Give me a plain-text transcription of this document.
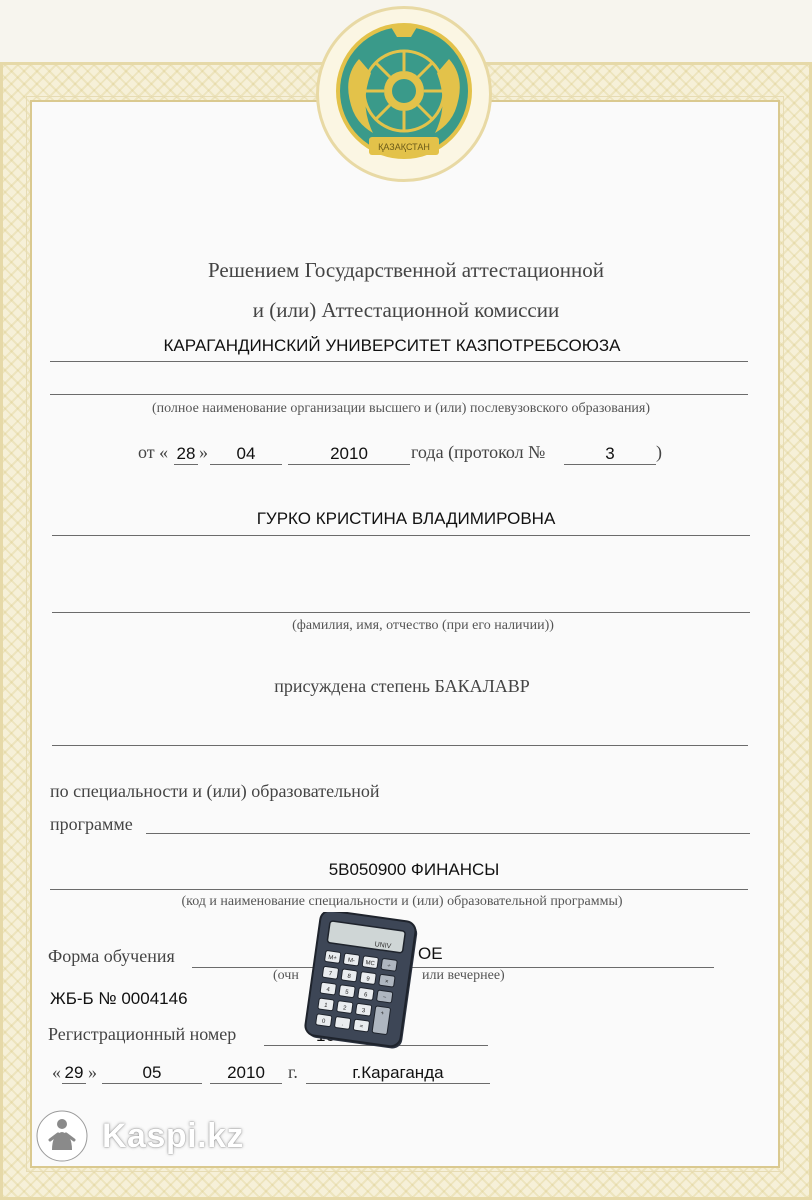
ҚАЗАҚСТАН
Решением Государственной аттестационной
и (или) Аттестационной комиссии
КАРАГАНДИНСКИЙ УНИВЕРСИТЕТ КАЗПОТРЕБСОЮЗА
(полное наименование организации высшего и (или) послевузовского образования)
от « 28 »	04	2010	года (протокол №	3	)
ГУРКО КРИСТИНА ВЛАДИМИРОВНА
(фамилия, имя, отчество (при его наличии))
присуждена степень БАКАЛАВР
по специальности и (или) образовательной
программе
5В050900 ФИНАНСЫ
(код и наименование специальности и (или) образовательной программы)
Форма обучения	ОЕ
(очн	или вечернее)
ЖБ-Б № 0004146
Регистрационный номер
« 29 »	05	2010	г.	г.Караганда
UNIV
M+ M- MC ÷
7 8 9 ×
4 5 6 −
1 2 3 +
0	.	=
Kaspi.kz
